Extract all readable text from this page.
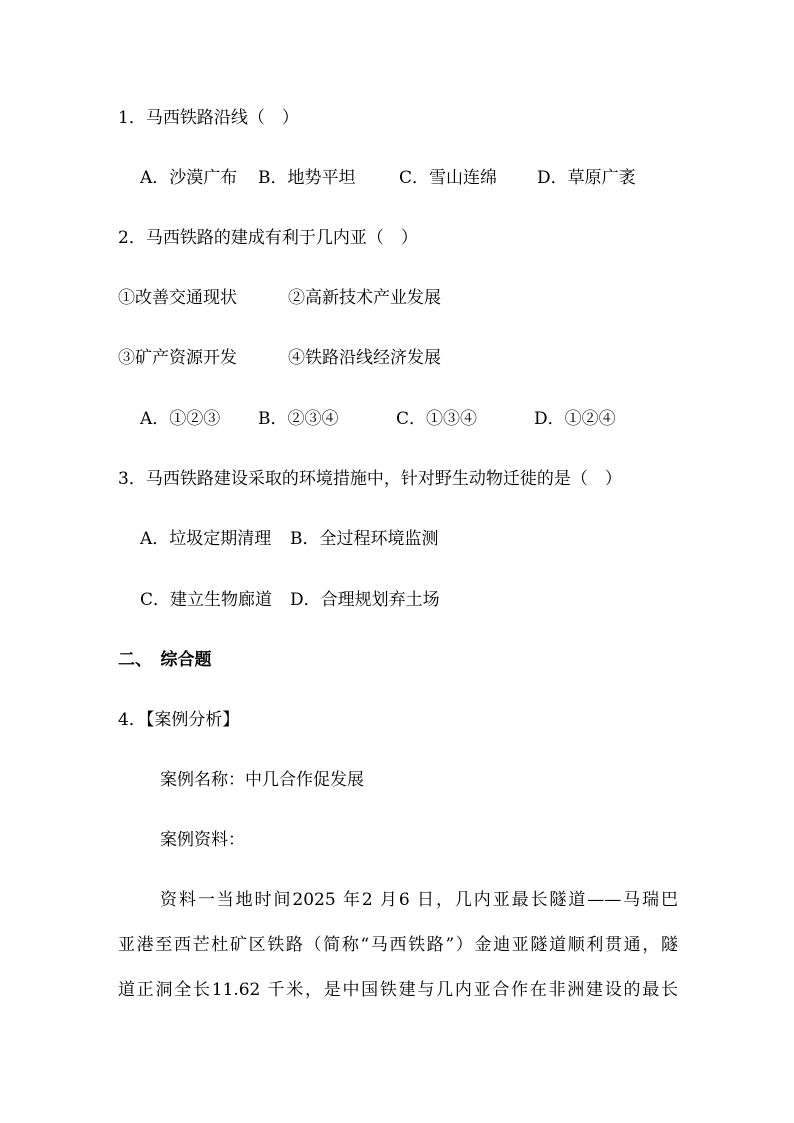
1．马西铁路沿线（　）
A．沙漠广布 B．地势平坦	C．雪山连绵 D．草原广袤
2．马西铁路的建成有利于几内亚（　）
①改善交通现状	②高新技术产业发展
③矿产资源开发	④铁路沿线经济发展
A．①②③ B．②③④	C．①③④	D．①②④
3．马西铁路建设采取的环境措施中，针对野生动物迁徙的是（　）
A．垃圾定期清理 B．全过程环境监测
C．建立生物廊道 D．合理规划弃土场
二、　综合题
4．【案例分析】
案例名称：中几合作促发展
案例资料：
资料一当地时间2025 年2 月6 日，几内亚最长隧道——马瑞巴
亚港至西芒杜矿区铁路（简称“马西铁路”）金迪亚隧道顺利贯通，隧
道正洞全长11.62 千米，是中国铁建与几内亚合作在非洲建设的最长
